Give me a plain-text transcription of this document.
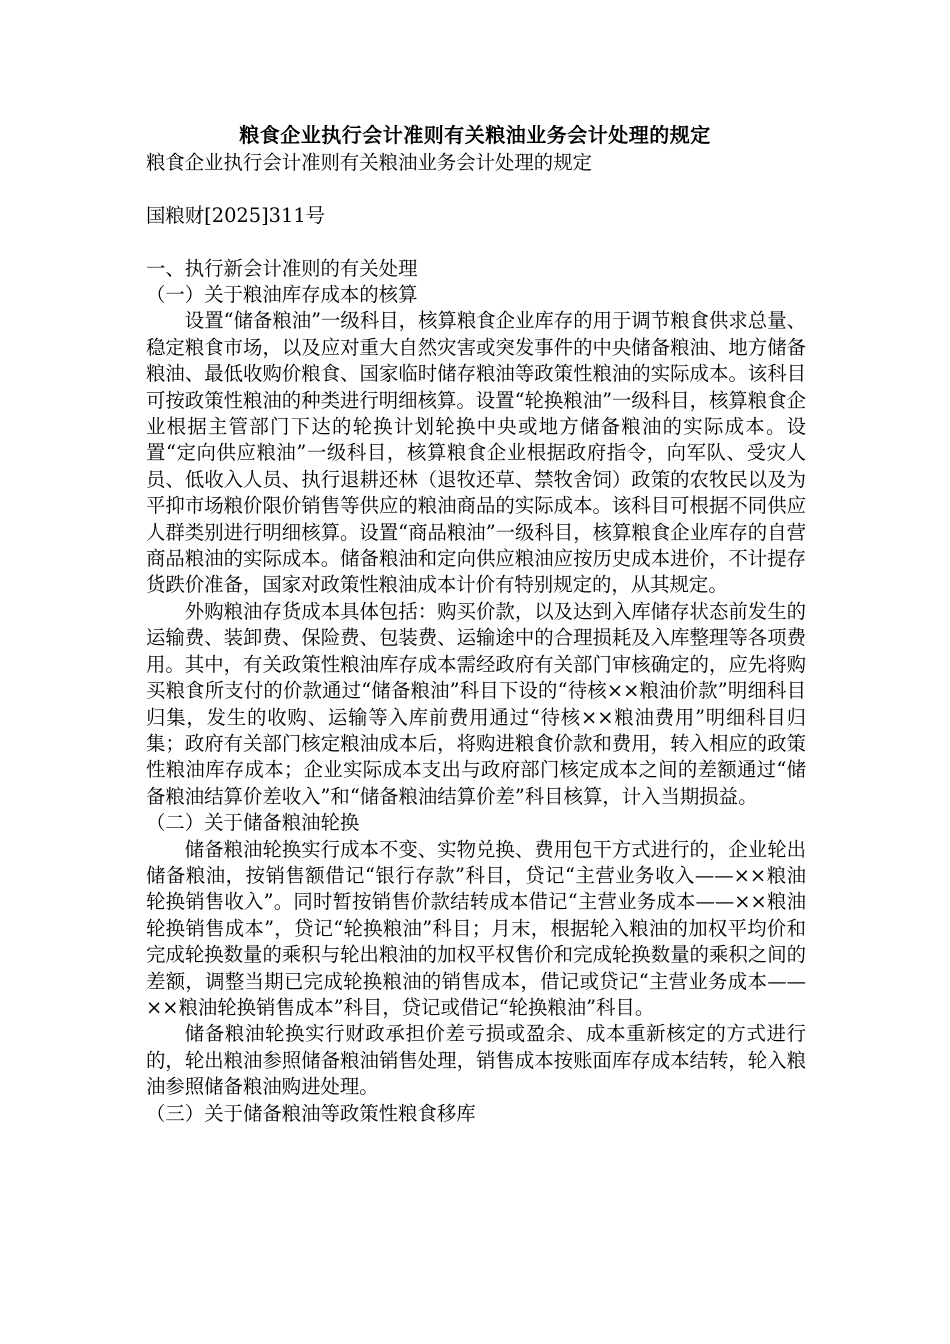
粮食企业执行会计准则有关粮油业务会计处理的规定

粮食企业执行会计准则有关粮油业务会计处理的规定

国粮财[2025]311号

一、执行新会计准则的有关处理

（一）关于粮油库存成本的核算

设置“储备粮油”一级科目，核算粮食企业库存的用于调节粮食供求总量、稳定粮食市场，以及应对重大自然灾害或突发事件的中央储备粮油、地方储备粮油、最低收购价粮食、国家临时储存粮油等政策性粮油的实际成本。该科目可按政策性粮油的种类进行明细核算。设置“轮换粮油”一级科目，核算粮食企业根据主管部门下达的轮换计划轮换中央或地方储备粮油的实际成本。设置“定向供应粮油”一级科目，核算粮食企业根据政府指令，向军队、受灾人员、低收入人员、执行退耕还林（退牧还草、禁牧舍饲）政策的农牧民以及为平抑市场粮价限价销售等供应的粮油商品的实际成本。该科目可根据不同供应人群类别进行明细核算。设置“商品粮油”一级科目，核算粮食企业库存的自营商品粮油的实际成本。储备粮油和定向供应粮油应按历史成本进价，不计提存货跌价准备，国家对政策性粮油成本计价有特别规定的，从其规定。

外购粮油存货成本具体包括：购买价款，以及达到入库储存状态前发生的运输费、装卸费、保险费、包装费、运输途中的合理损耗及入库整理等各项费用。其中，有关政策性粮油库存成本需经政府有关部门审核确定的，应先将购买粮食所支付的价款通过“储备粮油”科目下设的“待核××粮油价款”明细科目归集，发生的收购、运输等入库前费用通过“待核××粮油费用”明细科目归集；政府有关部门核定粮油成本后，将购进粮食价款和费用，转入相应的政策性粮油库存成本；企业实际成本支出与政府部门核定成本之间的差额通过“储备粮油结算价差收入”和“储备粮油结算价差”科目核算，计入当期损益。

（二）关于储备粮油轮换

储备粮油轮换实行成本不变、实物兑换、费用包干方式进行的，企业轮出储备粮油，按销售额借记“银行存款”科目，贷记“主营业务收入——××粮油轮换销售收入”。同时暂按销售价款结转成本借记“主营业务成本——××粮油轮换销售成本”，贷记“轮换粮油”科目；月末，根据轮入粮油的加权平均价和完成轮换数量的乘积与轮出粮油的加权平权售价和完成轮换数量的乘积之间的差额，调整当期已完成轮换粮油的销售成本，借记或贷记“主营业务成本——××粮油轮换销售成本”科目，贷记或借记“轮换粮油”科目。

储备粮油轮换实行财政承担价差亏损或盈余、成本重新核定的方式进行的，轮出粮油参照储备粮油销售处理，销售成本按账面库存成本结转，轮入粮油参照储备粮油购进处理。

（三）关于储备粮油等政策性粮食移库
